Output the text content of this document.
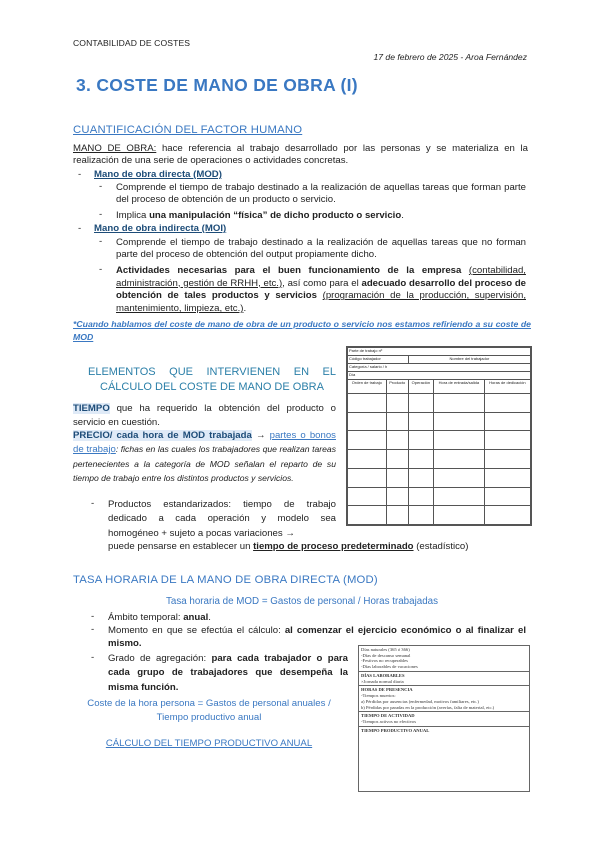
CONTABILIDAD DE COSTES
17 de febrero de 2025 - Aroa Fernández
3. COSTE DE MANO DE OBRA (I)
CUANTIFICACIÓN DEL FACTOR HUMANO
MANO DE OBRA: hace referencia al trabajo desarrollado por las personas y se materializa en la realización de una serie de operaciones o actividades concretas.
- Mano de obra directa (MOD)
- Comprende el tiempo de trabajo destinado a la realización de aquellas tareas que forman parte del proceso de obtención de un producto o servicio.
- Implica una manipulación “física” de dicho producto o servicio.
- Mano de obra indirecta (MOI)
- Comprende el tiempo de trabajo destinado a la realización de aquellas tareas que no forman parte del proceso de obtención del output propiamente dicho.
- Actividades necesarias para el buen funcionamiento de la empresa (contabilidad, administración, gestión de RRHH, etc.), así como para el adecuado desarrollo del proceso de obtención de tales productos y servicios (programación de la producción, supervisión, mantenimiento, limpieza, etc.).
*Cuando hablamos del coste de mano de obra de un producto o servicio nos estamos refiriendo a su coste de MOD
ELEMENTOS QUE INTERVIENEN EN EL CÁLCULO DEL COSTE DE MANO DE OBRA
TIEMPO que ha requerido la obtención del producto o servicio en cuestión.
PRECIO/ cada hora de MOD trabajada → partes o bonos de trabajo: fichas en las cuales los trabajadores que realizan tareas pertenecientes a la categoría de MOD señalan el reparto de su tiempo de trabajo entre los distintos productos y servicios.
- Productos estandarizados: tiempo de trabajo dedicado a cada operación y modelo sea homogéneo + sujeto a pocas variaciones →
puede pensarse en establecer un tiempo de proceso predeterminado (estadístico)
Parte de trabajo nº				
Código trabajador		Nombre del trabajador		
Categoría / salario / h				
Día				
Orden de trabajo	Producto	Operación	Hora de entrada/salida	Horas de dedicación

TASA HORARIA DE LA MANO DE OBRA DIRECTA (MOD)
Tasa horaria de MOD = Gastos de personal / Horas trabajadas
- Ámbito temporal: anual.
- Momento en que se efectúa el cálculo: al comenzar el ejercicio económico o al finalizar el mismo.
- Grado de agregación: para cada trabajador o para cada grupo de trabajadores que desempeña la misma función.
Coste de la hora persona = Gastos de personal anuales / Tiempo productivo anual
CÁLCULO DEL TIEMPO PRODUCTIVO ANUAL
Días naturales (365 ó 366)
-Días de descanso semanal
-Festivos no recuperables
-Días laborables de vacaciones
DÍAS LABORABLES
×Jornada normal diaria
HORAS DE PRESENCIA
-Tiempos muertos:
a) Pérdidas por ausencias (enfermedad, motivos familiares, etc.)
b) Pérdidas por paradas en la producción (averías, falta de material, etc.)
TIEMPO DE ACTIVIDAD
-Tiempos activos no efectivos
TIEMPO PRODUCTIVO ANUAL
